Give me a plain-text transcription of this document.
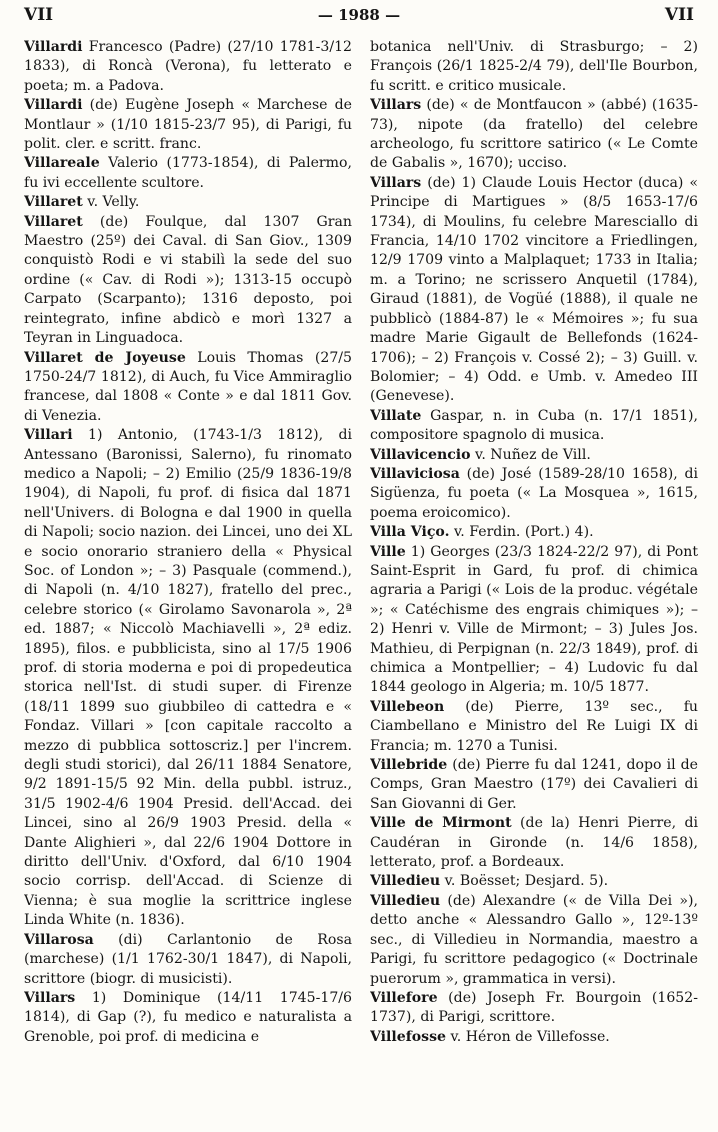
VII	— 1988 —	VII

Villardi Francesco (Padre) (27/10 1781-3/12 1833), di Roncà (Verona), fu letterato e poeta; m. a Padova.

Villardi (de) Eugène Joseph « Marchese de Montlaur » (1/10 1815-23/7 95), di Parigi, fu polit. cler. e scritt. franc.

Villareale Valerio (1773-1854), di Palermo, fu ivi eccellente scultore.

Villaret v. Velly.

Villaret (de) Foulque, dal 1307 Gran Maestro (25º) dei Caval. di San Giov., 1309 conquistò Rodi e vi stabilì la sede del suo ordine (« Cav. di Rodi »); 1313-15 occupò Carpato (Scarpanto); 1316 deposto, poi reintegrato, infine abdicò e morì 1327 a Teyran in Linguadoca.

Villaret de Joyeuse Louis Thomas (27/5 1750-24/7 1812), di Auch, fu Vice Ammiraglio francese, dal 1808 « Conte » e dal 1811 Gov. di Venezia.

Villari 1) Antonio, (1743-1/3 1812), di Antessano (Baronissi, Salerno), fu rinomato medico a Napoli; – 2) Emilio (25/9 1836-19/8 1904), di Napoli, fu prof. di fisica dal 1871 nell'Univers. di Bologna e dal 1900 in quella di Napoli; socio nazion. dei Lincei, uno dei XL e socio onorario straniero della « Physical Soc. of London »; – 3) Pasquale (commend.), di Napoli (n. 4/10 1827), fratello del prec., celebre storico (« Girolamo Savonarola », 2ª ed. 1887; « Niccolò Machiavelli », 2ª ediz. 1895), filos. e pubblicista, sino al 17/5 1906 prof. di storia moderna e poi di propedeutica storica nell'Ist. di studi super. di Firenze (18/11 1899 suo giubbileo di cattedra e « Fondaz. Villari » [con capitale raccolto a mezzo di pubblica sottoscriz.] per l'increm. degli studi storici), dal 26/11 1884 Senatore, 9/2 1891-15/5 92 Min. della pubbl. istruz., 31/5 1902-4/6 1904 Presid. dell'Accad. dei Lincei, sino al 26/9 1903 Presid. della « Dante Alighieri », dal 22/6 1904 Dottore in diritto dell'Univ. d'Oxford, dal 6/10 1904 socio corrisp. dell'Accad. di Scienze di Vienna; è sua moglie la scrittrice inglese Linda White (n. 1836).

Villarosa (di) Carlantonio de Rosa (marchese) (1/1 1762-30/1 1847), di Napoli, scrittore (biogr. di musicisti).

Villars 1) Dominique (14/11 1745-17/6 1814), di Gap (?), fu medico e naturalista a Grenoble, poi prof. di medicina e

botanica nell'Univ. di Strasburgo; – 2) François (26/1 1825-2/4 79), dell'Ile Bourbon, fu scritt. e critico musicale.

Villars (de) « de Montfaucon » (abbé) (1635-73), nipote (da fratello) del celebre archeologo, fu scrittore satirico (« Le Comte de Gabalis », 1670); ucciso.

Villars (de) 1) Claude Louis Hector (duca) « Principe di Martigues » (8/5 1653-17/6 1734), di Moulins, fu celebre Maresciallo di Francia, 14/10 1702 vincitore a Friedlingen, 12/9 1709 vinto a Malplaquet; 1733 in Italia; m. a Torino; ne scrissero Anquetil (1784), Giraud (1881), de Vogüé (1888), il quale ne pubblicò (1884-87) le « Mémoires »; fu sua madre Marie Gigault de Bellefonds (1624-1706); – 2) François v. Cossé 2); – 3) Guill. v. Bolomier; – 4) Odd. e Umb. v. Amedeo III (Genevese).

Villate Gaspar, n. in Cuba (n. 17/1 1851), compositore spagnolo di musica.

Villavicencio v. Nuñez de Vill.

Villaviciosa (de) José (1589-28/10 1658), di Sigüenza, fu poeta (« La Mosquea », 1615, poema eroicomico).

Villa Viço. v. Ferdin. (Port.) 4).

Ville 1) Georges (23/3 1824-22/2 97), di Pont Saint-Esprit in Gard, fu prof. di chimica agraria a Parigi (« Lois de la produc. végétale »; « Catéchisme des engrais chimiques »); – 2) Henri v. Ville de Mirmont; – 3) Jules Jos. Mathieu, di Perpignan (n. 22/3 1849), prof. di chimica a Montpellier; – 4) Ludovic fu dal 1844 geologo in Algeria; m. 10/5 1877.

Villebeon (de) Pierre, 13º sec., fu Ciambellano e Ministro del Re Luigi IX di Francia; m. 1270 a Tunisi.

Villebride (de) Pierre fu dal 1241, dopo il de Comps, Gran Maestro (17º) dei Cavalieri di San Giovanni di Ger.

Ville de Mirmont (de la) Henri Pierre, di Caudéran in Gironde (n. 14/6 1858), letterato, prof. a Bordeaux.

Villedieu v. Boësset; Desjard. 5).

Villedieu (de) Alexandre (« de Villa Dei »), detto anche « Alessandro Gallo », 12º-13º sec., di Villedieu in Normandia, maestro a Parigi, fu scrittore pedagogico (« Doctrinale puerorum », grammatica in versi).

Villefore (de) Joseph Fr. Bourgoin (1652-1737), di Parigi, scrittore.

Villefosse v. Héron de Villefosse.
